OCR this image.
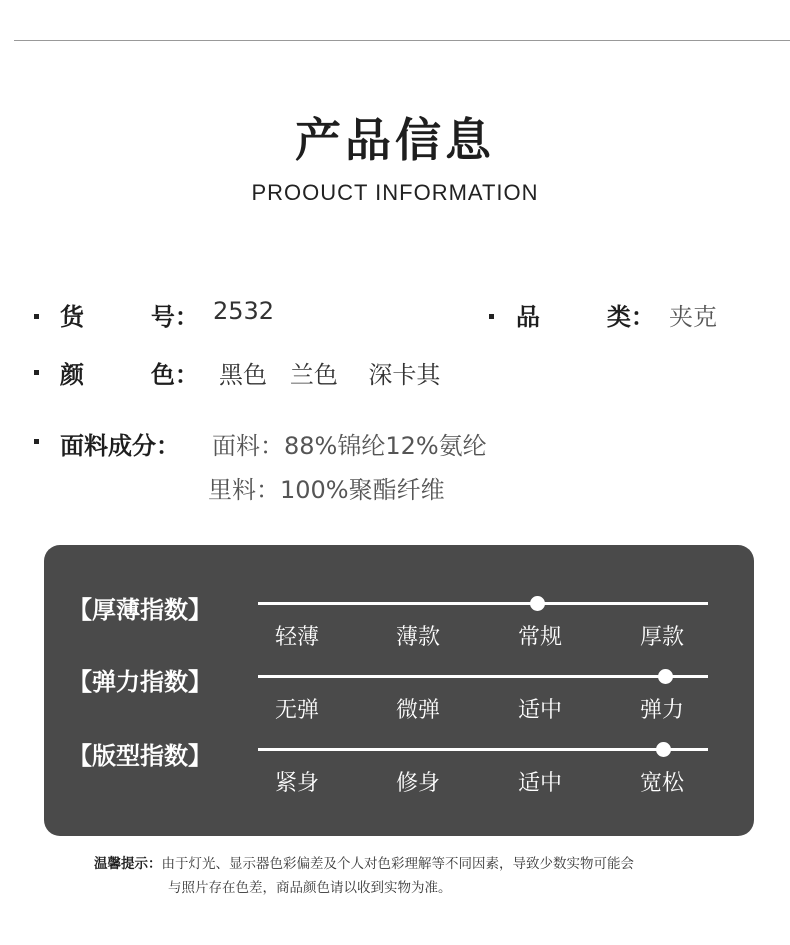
产品信息
PROOUCT INFORMATION
货        号： 2532	品        类： 夹克
颜        色： 黑色   兰色    深卡其
面料成分： 面料：88%锦纶12%氨纶
里料：100%聚酯纤维
【厚薄指数】
轻薄	薄款	常规	厚款
【弹力指数】
无弹	微弹	适中	弹力
【版型指数】
紧身	修身	适中	宽松
温馨提示：由于灯光、显示器色彩偏差及个人对色彩理解等不同因素，导致少数实物可能会
与照片存在色差，商品颜色请以收到实物为准。
